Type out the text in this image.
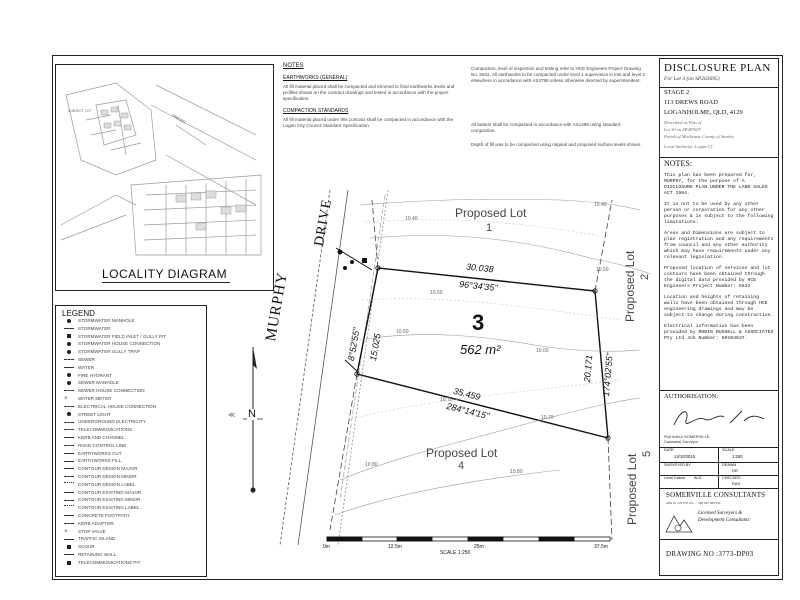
DREWS
SUBJECT LOT
LOCALITY DIAGRAM
NOTES
EARTHWORKS (GENERAL)
All fill material placed shall be compacted and trimmed to final earthworks levels and profiles shown on the contract drawings and tested in accordance with the project specification.
COMPACTION STANDARDS
All fill material placed under this contract shall be compacted in accordance with the Logan City Council Standard Specification.
Compaction, level of inspection and testing refer to HCE Engineers Project Drawing No. 5632. All earthworks to be compacted under level 1 supervision in lots and level 2 elsewhere in accordance with AS3798 unless otherwise directed by superintendent.
All batters shall be compacted in accordance with AS1289 using standard compaction.
Depth of fill was to be compacted using original and proposed surface levels shown.
DISCLOSURE PLAN
For Lot 3 (on SP263695)
STAGE 2
113 DREWS ROAD
LOGANHOLME, QLD, 4129
Described as Part of
Lot 30 on SP287607
Parish of Mackenzie County of Stanley
Local Authority: Logan CC
NOTES:
This plan has been prepared for, MURPHY, for the purpose of A DISCLOSURE PLAN UNDER THE LAND SALES ACT 1984.
It is not to be used by any other person or corporation for any other purposes & is subject to the following limitations:
Areas and Dimensions are subject to plan registration and any requirements from council and any other authority which may have requirements under any relevant legislation.
Proposed location of services and lot contours have been obtained through the digital data provided by HCE Engineers Project Number: 5632
Location and heights of retaining walls have been obtained through HCE engineering drawings and may be subject to change during construction.
Electrical information has been provided by ROBIN RUSSELL & ASSOCIATES Pty Ltd Job Number: 50104637.
AUTHORISATION:
Rolf Arthur SOMERVILLE
Cadastral Surveyor
DATE
14/10/2015
SCALE
1:250
SURVEYED BY	DRAWN
DR
Level Datum ALD	CHECKED
RAS
SOMERVILLE CONSULTANTS
ABN 97 133 570 101 ... 488 092 589 592
Licensed Surveyors &
Development Consultants
DRAWING NO :3773-DP03
LEGEND
STORMWATER MANHOLE
STORMWATER
STORMWATER FIELD INLET / GULLY PIT
STORMWATER HOUSE CONNECTION
STORMWATER GULLY TRAP
SEWER
WATER
FIRE HYDRANT
SEWER MANHOLE
SEWER HOUSE CONNECTION
× WATER METER
ELECTRICAL HOUSE CONNECTION
STREET LIGHT
UNDERGROUND ELECTRICITY
TELECOMMUNICATIONS
KERB AND CHANNEL
ROAD CONTROL LINE
EARTHWORKS CUT
EARTHWORKS FILL
CONTOUR DESIGN MAJOR
CONTOUR DESIGN MINOR
CONTOUR DESIGN LABEL
CONTOUR EXISTING MAJOR
CONTOUR EXISTING MINOR
CONTOUR EXISTING LABEL
CONCRETE FOOTPATH
KERB ADAPTOR
× STOP VALVE
TRAFFIC ISLAND
SCOUR
RETAINING WALL
TELECOMMUNICATIONS PIT
N
≪
MURPHY
DRIVE	Proposed Lot
1
Proposed Lot 2
Proposed Lot
4	Proposed Lot 5
3
562 m²
30.038
96°34'35"
15.025
8°52'55"
20.171 174°02'55"
35.459
284°14'15"
10.40
10.40
10.50
10.50
10.60
10.60
10.70
10.70
10.80
10.80
0m	12.5m	25m	37.5m
SCALE 1:250
